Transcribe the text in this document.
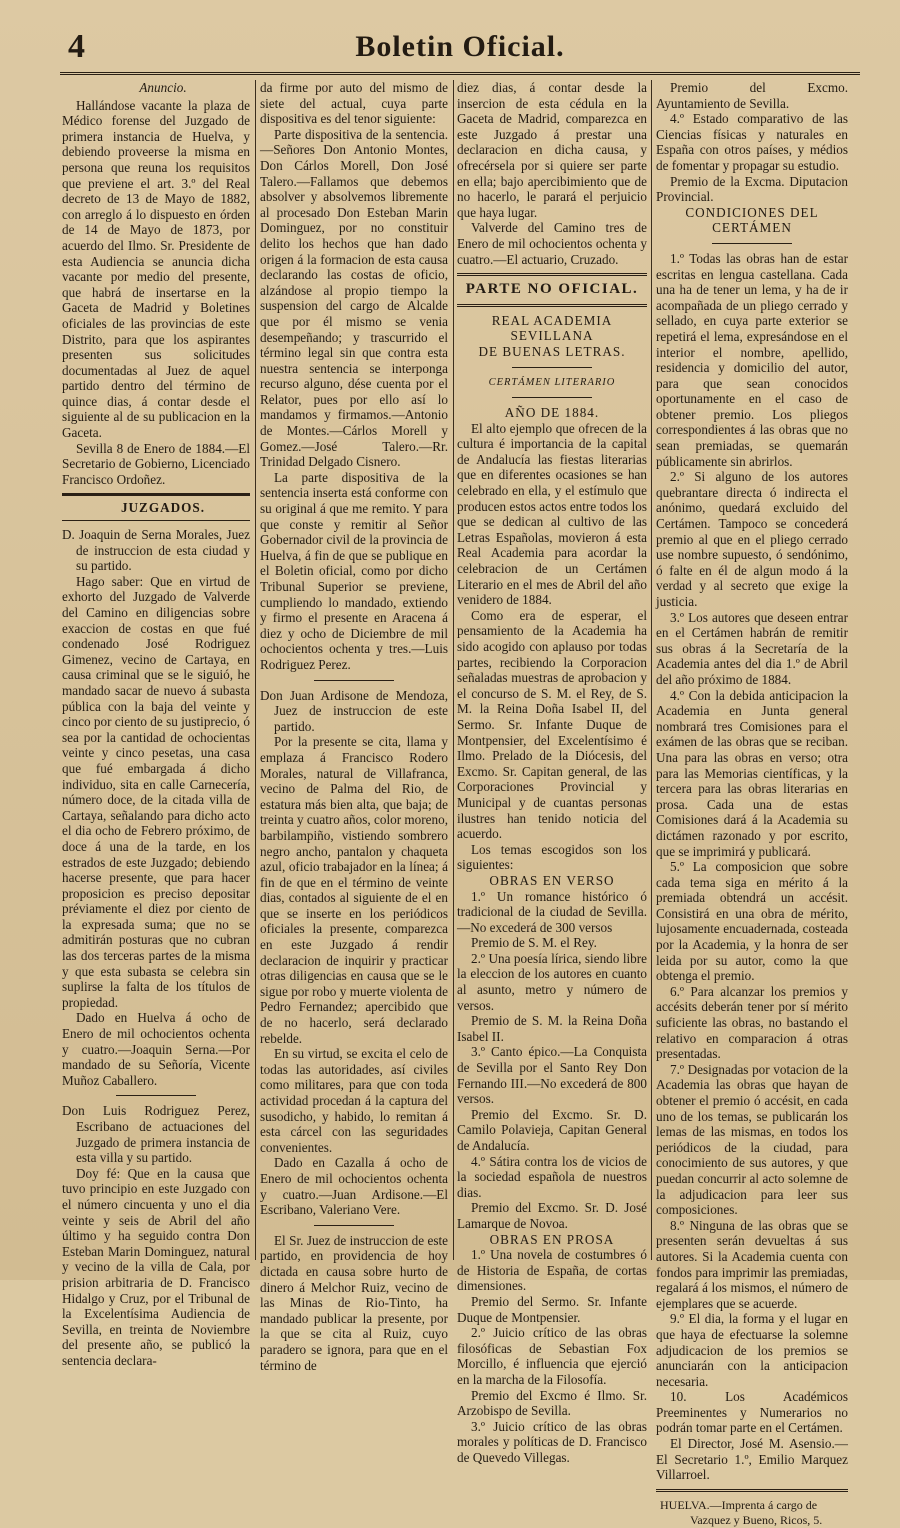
4	Boletin Oficial.

Anuncio.

Hallándose vacante la plaza de Médico forense del Juzgado de primera instancia de Huelva, y debiendo proveerse la misma en persona que reuna los requisitos que previene el art. 3.º del Real decreto de 13 de Mayo de 1882, con arreglo á lo dispuesto en órden de 14 de Mayo de 1873, por acuerdo del Ilmo. Sr. Presidente de esta Audiencia se anuncia dicha vacante por medio del presente, que habrá de insertarse en la Gaceta de Madrid y Boletines oficiales de las provincias de este Distrito, para que los aspirantes presenten sus solicitudes documentadas al Juez de aquel partido dentro del término de quince dias, á contar desde el siguiente al de su publicacion en la Gaceta.

Sevilla 8 de Enero de 1884.—El Secretario de Gobierno, Licenciado Francisco Ordoñez.

JUZGADOS.

D. Joaquin de Serna Morales, Juez de instruccion de esta ciudad y su partido.

Hago saber: Que en virtud de exhorto del Juzgado de Valverde del Camino en diligencias sobre exaccion de costas en que fué condenado José Rodriguez Gimenez, vecino de Cartaya, en causa criminal que se le siguió, he mandado sacar de nuevo á subasta pública con la baja del veinte y cinco por ciento de su justiprecio, ó sea por la cantidad de ochocientas veinte y cinco pesetas, una casa que fué embargada á dicho individuo, sita en calle Carnecería, número doce, de la citada villa de Cartaya, señalando para dicho acto el dia ocho de Febrero próximo, de doce á una de la tarde, en los estrados de este Juzgado; debiendo hacerse presente, que para hacer proposicion es preciso depositar préviamente el diez por ciento de la expresada suma; que no se admitirán posturas que no cubran las dos terceras partes de la misma y que esta subasta se celebra sin suplirse la falta de los títulos de propiedad.

Dado en Huelva á ocho de Enero de mil ochocientos ochenta y cuatro.—Joaquin Serna.—Por mandado de su Señoría, Vicente Muñoz Caballero.

Don Luis Rodriguez Perez, Escribano de actuaciones del Juzgado de primera instancia de esta villa y su partido.

Doy fé: Que en la causa que tuvo principio en este Juzgado con el número cincuenta y uno el dia veinte y seis de Abril del año último y ha seguido contra Don Esteban Marin Dominguez, natural y vecino de la villa de Cala, por prision arbitraria de D. Francisco Hidalgo y Cruz, por el Tribunal de la Excelentísima Audiencia de Sevilla, en treinta de Noviembre del presente año, se publicó la sentencia declara-

da firme por auto del mismo de siete del actual, cuya parte dispositiva es del tenor siguiente:

Parte dispositiva de la sentencia.—Señores Don Antonio Montes, Don Cárlos Morell, Don José Talero.—Fallamos que debemos absolver y absolvemos libremente al procesado Don Esteban Marin Dominguez, por no constituir delito los hechos que han dado origen á la formacion de esta causa declarando las costas de oficio, alzándose al propio tiempo la suspension del cargo de Alcalde que por él mismo se venia desempeñando; y trascurrido el término legal sin que contra esta nuestra sentencia se interponga recurso alguno, dése cuenta por el Relator, pues por ello así lo mandamos y firmamos.—Antonio de Montes.—Cárlos Morell y Gomez.—José Talero.—Rr. Trinidad Delgado Cisnero.

La parte dispositiva de la sentencia inserta está conforme con su original á que me remito. Y para que conste y remitir al Señor Gobernador civil de la provincia de Huelva, á fin de que se publique en el Boletin oficial, como por dicho Tribunal Superior se previene, cumpliendo lo mandado, extiendo y firmo el presente en Aracena á diez y ocho de Diciembre de mil ochocientos ochenta y tres.—Luis Rodriguez Perez.

Don Juan Ardisone de Mendoza, Juez de instruccion de este partido.

Por la presente se cita, llama y emplaza á Francisco Rodero Morales, natural de Villafranca, vecino de Palma del Rio, de estatura más bien alta, que baja; de treinta y cuatro años, color moreno, barbilampiño, vistiendo sombrero negro ancho, pantalon y chaqueta azul, oficio trabajador en la línea; á fin de que en el término de veinte dias, contados al siguiente de el en que se inserte en los periódicos oficiales la presente, comparezca en este Juzgado á rendir declaracion de inquirir y practicar otras diligencias en causa que se le sigue por robo y muerte violenta de Pedro Fernandez; apercibido que de no hacerlo, será declarado rebelde.

En su virtud, se excita el celo de todas las autoridades, así civiles como militares, para que con toda actividad procedan á la captura del susodicho, y habido, lo remitan á esta cárcel con las seguridades convenientes.

Dado en Cazalla á ocho de Enero de mil ochocientos ochenta y cuatro.—Juan Ardisone.—El Escribano, Valeriano Vere.

El Sr. Juez de instruccion de este partido, en providencia de hoy dictada en causa sobre hurto de dinero á Melchor Ruiz, vecino de las Minas de Rio-Tinto, ha mandado publicar la presente, por la que se cita al Ruiz, cuyo paradero se ignora, para que en el término de

diez dias, á contar desde la insercion de esta cédula en la Gaceta de Madrid, comparezca en este Juzgado á prestar una declaracion en dicha causa, y ofrecérsela por si quiere ser parte en ella; bajo apercibimiento que de no hacerlo, le parará el perjuicio que haya lugar.

Valverde del Camino tres de Enero de mil ochocientos ochenta y cuatro.—El actuario, Cruzado.

PARTE NO OFICIAL.

REAL ACADEMIA SEVILLANA

DE BUENAS LETRAS.

CERTÁMEN LITERARIO

AÑO DE 1884.

El alto ejemplo que ofrecen de la cultura é importancia de la capital de Andalucía las fiestas literarias que en diferentes ocasiones se han celebrado en ella, y el estímulo que producen estos actos entre todos los que se dedican al cultivo de las Letras Españolas, movieron á esta Real Academia para acordar la celebracion de un Certámen Literario en el mes de Abril del año venidero de 1884.

Como era de esperar, el pensamiento de la Academia ha sido acogido con aplauso por todas partes, recibiendo la Corporacion señaladas muestras de aprobacion y el concurso de S. M. el Rey, de S. M. la Reina Doña Isabel II, del Sermo. Sr. Infante Duque de Montpensier, del Excelentísimo é Ilmo. Prelado de la Diócesis, del Excmo. Sr. Capitan general, de las Corporaciones Provincial y Municipal y de cuantas personas ilustres han tenido noticia del acuerdo.

Los temas escogidos son los siguientes:

OBRAS EN VERSO

1.º Un romance histórico ó tradicional de la ciudad de Sevilla.—No excederá de 300 versos

Premio de S. M. el Rey.

2.º Una poesía lírica, siendo libre la eleccion de los autores en cuanto al asunto, metro y número de versos.

Premio de S. M. la Reina Doña Isabel II.

3.º Canto épico.—La Conquista de Sevilla por el Santo Rey Don Fernando III.—No excederá de 800 versos.

Premio del Excmo. Sr. D. Camilo Polavieja, Capitan General de Andalucía.

4.º Sátira contra los de vicios de la sociedad española de nuestros dias.

Premio del Excmo. Sr. D. José Lamarque de Novoa.

OBRAS EN PROSA

1.º Una novela de costumbres ó de Historia de España, de cortas dimensiones.

Premio del Sermo. Sr. Infante Duque de Montpensier.

2.º Juicio crítico de las obras filosóficas de Sebastian Fox Morcillo, é influencia que ejerció en la marcha de la Filosofía.

Premio del Excmo é Ilmo. Sr. Arzobispo de Sevilla.

3.º Juicio crítico de las obras morales y políticas de D. Francisco de Quevedo Villegas.

Premio del Excmo. Ayuntamiento de Sevilla.

4.º Estado comparativo de las Ciencias físicas y naturales en España con otros países, y médios de fomentar y propagar su estudio.

Premio de la Excma. Diputacion Provincial.

CONDICIONES DEL CERTÁMEN

1.º Todas las obras han de estar escritas en lengua castellana. Cada una ha de tener un lema, y ha de ir acompañada de un pliego cerrado y sellado, en cuya parte exterior se repetirá el lema, expresándose en el interior el nombre, apellido, residencia y domicilio del autor, para que sean conocidos oportunamente en el caso de obtener premio. Los pliegos correspondientes á las obras que no sean premiadas, se quemarán públicamente sin abrirlos.

2.º Si alguno de los autores quebrantare directa ó indirecta el anónimo, quedará excluido del Certámen. Tampoco se concederá premio al que en el pliego cerrado use nombre supuesto, ó sendónimo, ó falte en él de algun modo á la verdad y al secreto que exige la justicia.

3.º Los autores que deseen entrar en el Certámen habrán de remitir sus obras á la Secretaría de la Academia antes del dia 1.º de Abril del año próximo de 1884.

4.º Con la debida anticipacion la Academia en Junta general nombrará tres Comisiones para el exámen de las obras que se reciban. Una para las obras en verso; otra para las Memorias científicas, y la tercera para las obras literarias en prosa. Cada una de estas Comisiones dará á la Academia su dictámen razonado y por escrito, que se imprimirá y publicará.

5.º La composicion que sobre cada tema siga en mérito á la premiada obtendrá un accésit. Consistirá en una obra de mérito, lujosamente encuadernada, costeada por la Academia, y la honra de ser leida por su autor, como la que obtenga el premio.

6.º Para alcanzar los premios y accésits deberán tener por sí mérito suficiente las obras, no bastando el relativo en comparacion á otras presentadas.

7.º Designadas por votacion de la Academia las obras que hayan de obtener el premio ó accésit, en cada uno de los temas, se publicarán los lemas de las mismas, en todos los periódicos de la ciudad, para conocimiento de sus autores, y que puedan concurrir al acto solemne de la adjudicacion para leer sus composiciones.

8.º Ninguna de las obras que se presenten serán devueltas á sus autores. Si la Academia cuenta con fondos para imprimir las premiadas, regalará á los mismos, el número de ejemplares que se acuerde.

9.º El dia, la forma y el lugar en que haya de efectuarse la solemne adjudicacion de los premios se anunciarán con la anticipacion necesaria.

10. Los Académicos Preeminentes y Numerarios no podrán tomar parte en el Certámen.

El Director, José M. Asensio.—El Secretario 1.º, Emilio Marquez Villarroel.

HUELVA.—Imprenta á cargo de
Vazquez y Bueno, Ricos, 5.
